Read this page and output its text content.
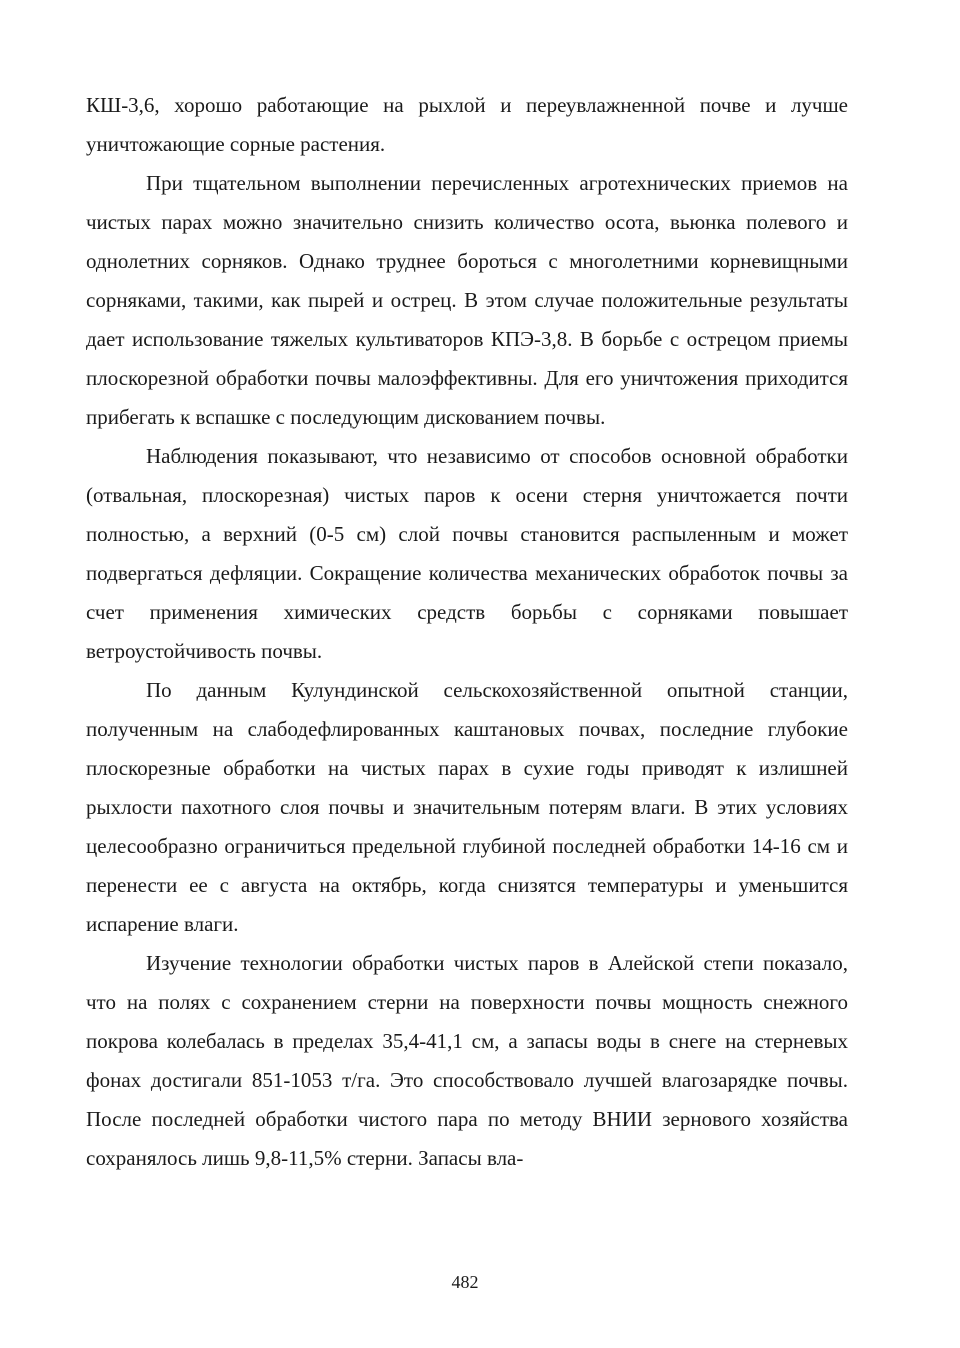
КШ-3,6, хорошо работающие на рыхлой и переувлажненной почве и лучше уничтожающие сорные растения.

При тщательном выполнении перечисленных агротехнических приемов на чистых парах можно значительно снизить количество осота, вьюнка полевого и однолетних сорняков. Однако труднее бороться с многолетними корневищными сорняками, такими, как пырей и острец. В этом случае положительные результаты дает использование тяжелых культиваторов КПЭ-3,8. В борьбе с острецом приемы плоскорезной обработки почвы малоэффективны. Для его уничтожения приходится прибегать к вспашке с последующим дискованием почвы.

Наблюдения показывают, что независимо от способов основной обработки (отвальная, плоскорезная) чистых паров к осени стерня уничтожается почти полностью, а верхний (0-5 см) слой почвы становится распыленным и может подвергаться дефляции. Сокращение количества механических обработок почвы за счет применения химических средств борьбы с сорняками повышает ветроустойчивость почвы.

По данным Кулундинской сельскохозяйственной опытной станции, полученным на слабодефлированных каштановых почвах, последние глубокие плоскорезные обработки на чистых парах в сухие годы приводят к излишней рыхлости пахотного слоя почвы и значительным потерям влаги. В этих условиях целесообразно ограничиться предельной глубиной последней обработки 14-16 см и перенести ее с августа на октябрь, когда снизятся температуры и уменьшится испарение влаги.

Изучение технологии обработки чистых паров в Алейской степи показало, что на полях с сохранением стерни на поверхности почвы мощность снежного покрова колебалась в пределах 35,4-41,1 см, а запасы воды в снеге на стерневых фонах достигали 851-1053 т/га. Это способствовало лучшей влагозарядке почвы. После последней обработки чистого пара по методу ВНИИ зернового хозяйства сохранялось лишь 9,8-11,5% стерни. Запасы вла-

482
